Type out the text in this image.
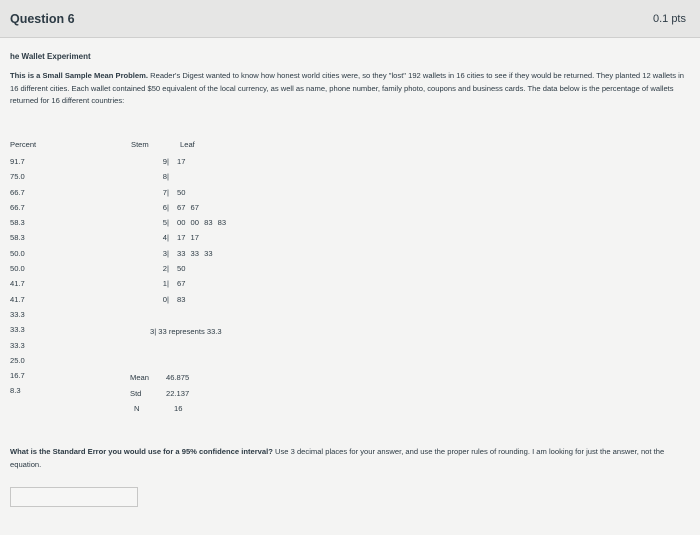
Question 6	0.1 pts
he Wallet Experiment
This is a Small Sample Mean Problem. Reader's Digest wanted to know how honest world cities were, so they "lost" 192 wallets in 16 cities to see if they would be returned. They planted 12 wallets in 16 different cities. Each wallet contained $50 equivalent of the local currency, as well as name, phone number, family photo, coupons and business cards. The data below is the percentage of wallets returned for 16 different countries:
Percent
91.7
75.0
66.7
66.7
58.3
58.3
50.0
50.0
41.7
41.7
33.3
33.3
33.3
25.0
16.7
8.3
Stem	Leaf
9| 17
8|
7| 50
6| 67 67
5| 00 00 83 83
4| 17 17
3| 33 33 33
2| 50
1| 67
0| 83
3| 33 represents 33.3
Mean 46.875
Std	22.137
N	16
What is the Standard Error you would use for a 95% confidence interval? Use 3 decimal places for your answer, and use the proper rules of rounding. I am looking for just the answer, not the equation.
